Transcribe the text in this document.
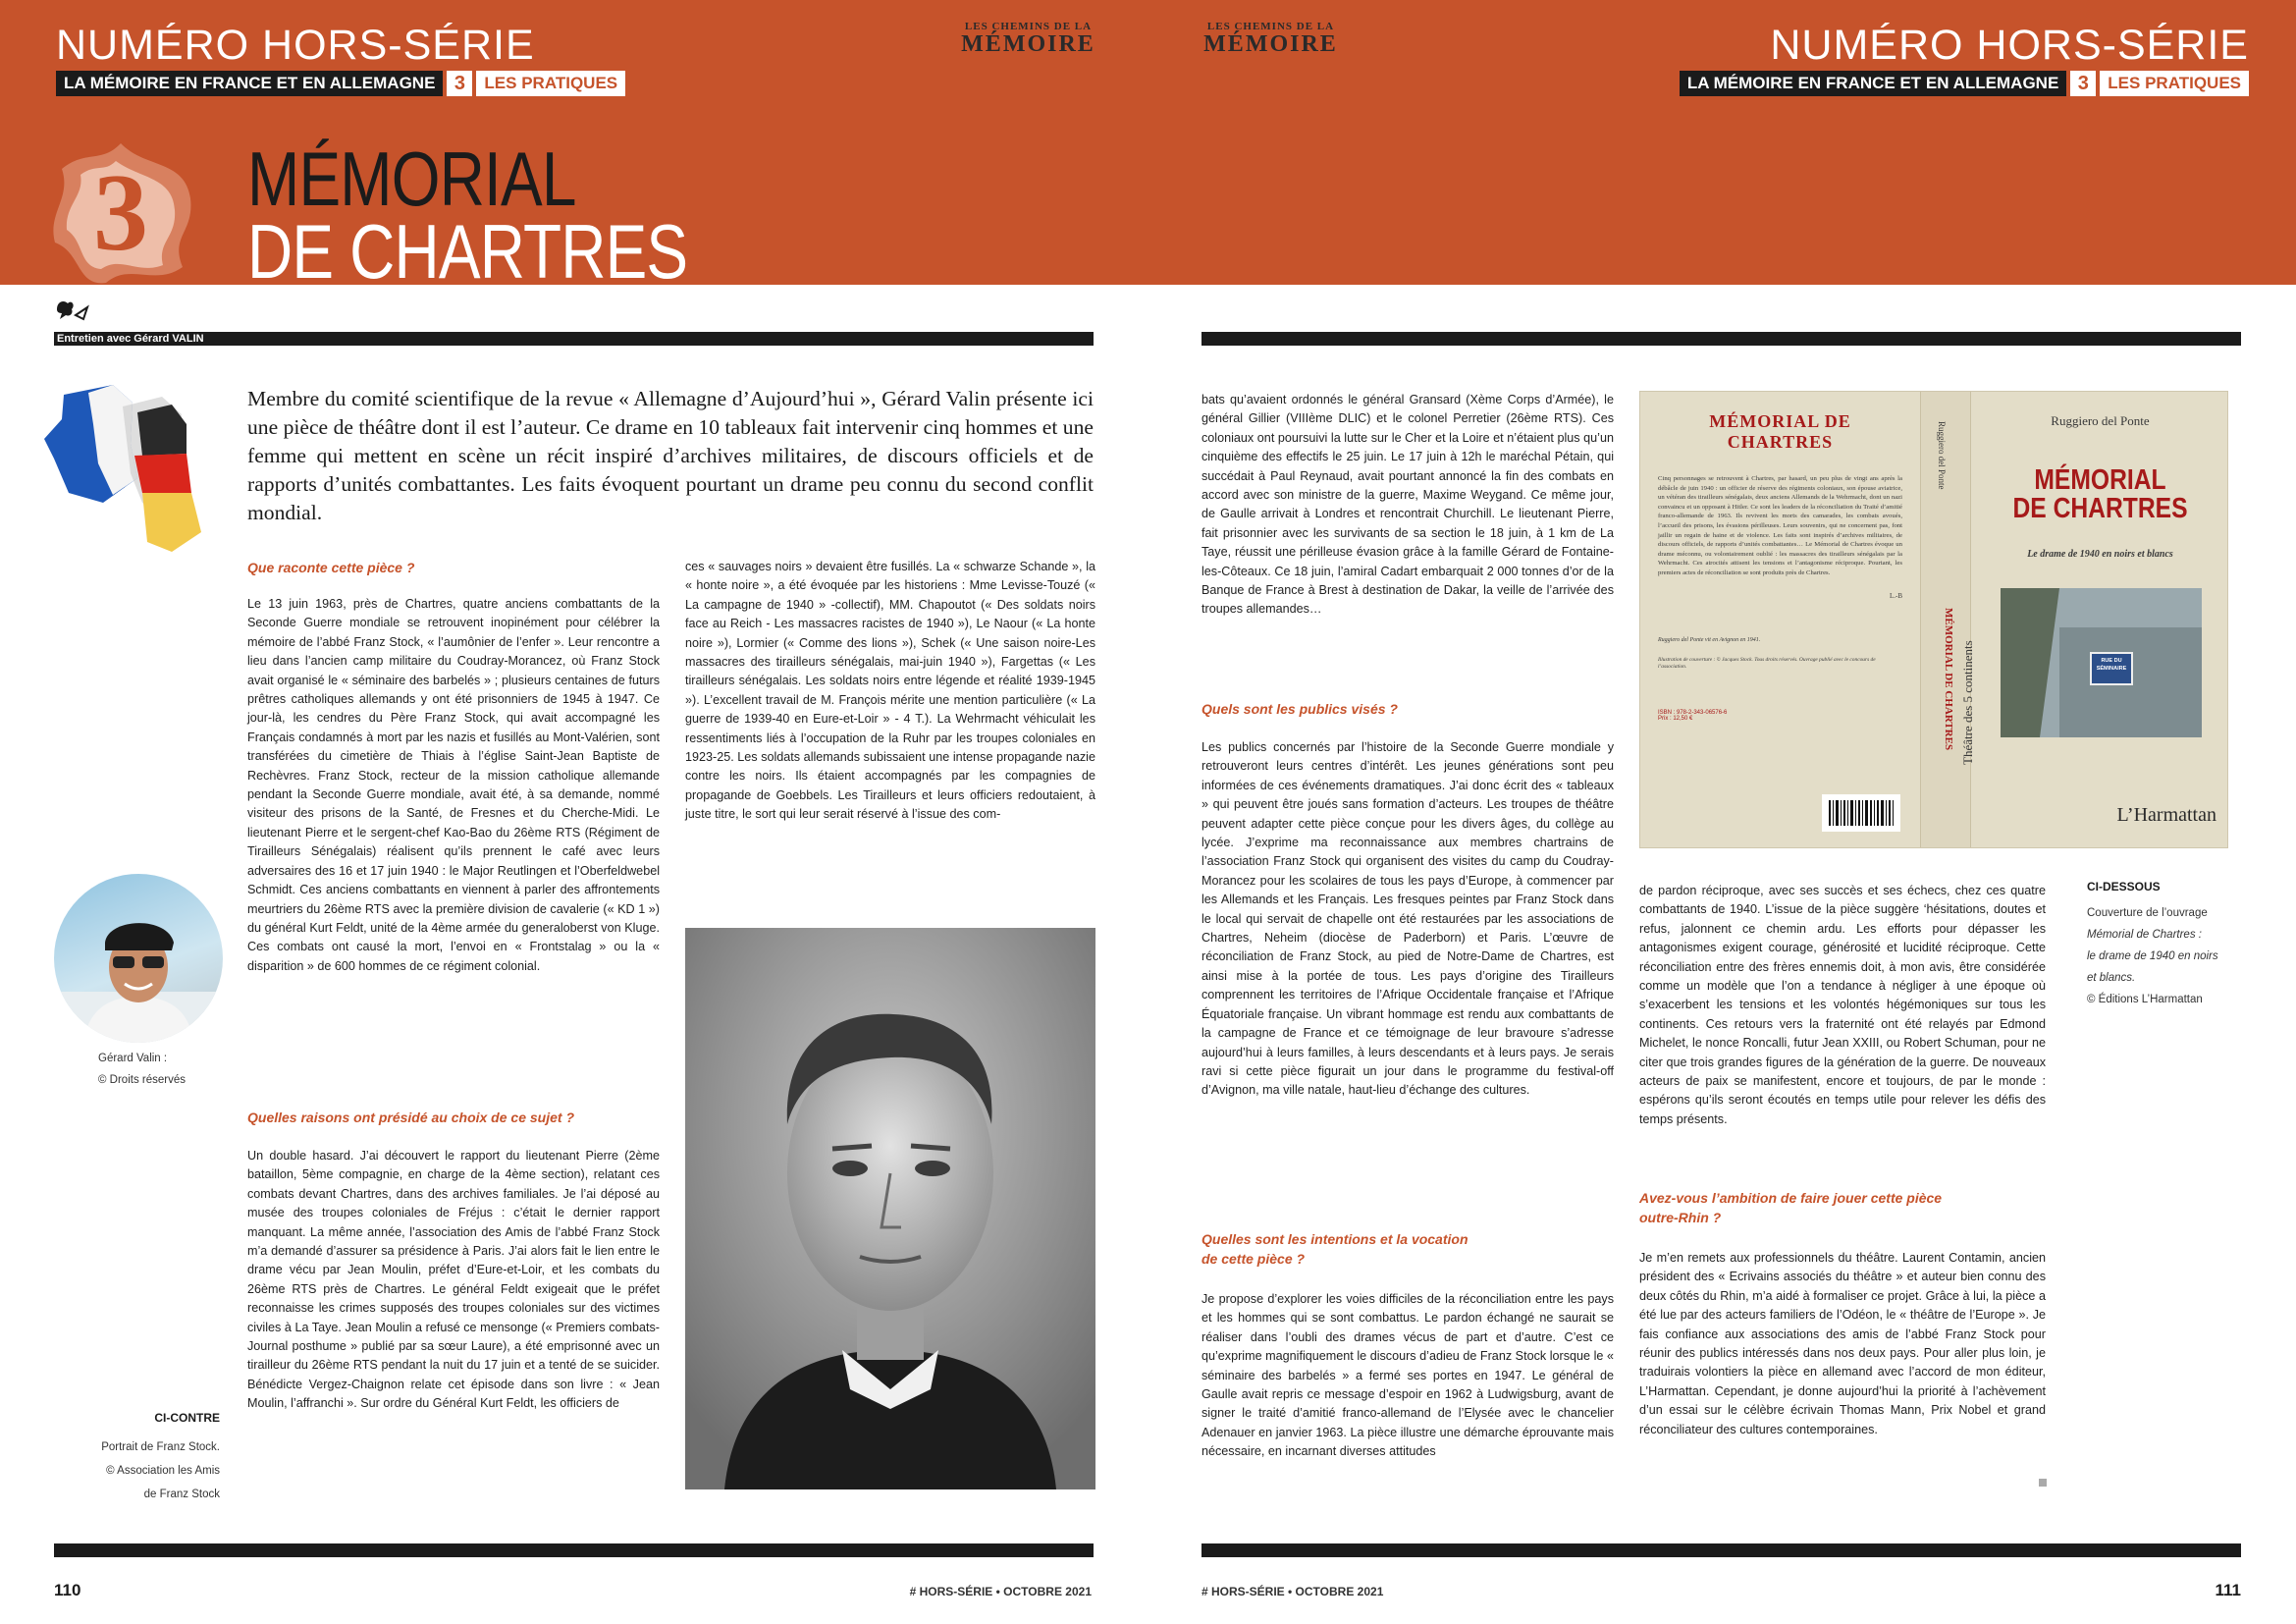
NUMÉRO HORS-SÉRIE
LA MÉMOIRE EN FRANCE ET EN ALLEMAGNE 3	LES PRATIQUES
NUMÉRO HORS-SÉRIE
LA MÉMOIRE EN FRANCE ET EN ALLEMAGNE 3	LES PRATIQUES
LES CHEMINS DE LA
MÉMOIRE
LES CHEMINS DE LA
MÉMOIRE
3	MÉMORIAL
DE CHARTRES
Entretien avec Gérard VALIN
Membre du comité scientifique de la revue « Allemagne d’Aujourd’hui », Gérard Valin présente ici une pièce de théâtre dont il est l’auteur. Ce drame en 10 tableaux fait intervenir cinq hommes et une femme qui mettent en scène un récit inspiré d’archives militaires, de discours officiels et de rapports d’unités combattantes. Les faits évoquent pourtant un drame peu connu du second conflit mondial.
Que raconte cette pièce ?
Le 13 juin 1963, près de Chartres, quatre anciens combattants de la Seconde Guerre mondiale se retrouvent inopinément pour célébrer la mémoire de l’abbé Franz Stock, « l’aumônier de l’enfer ». Leur rencontre a lieu dans l’ancien camp militaire du Coudray-Morancez, où Franz Stock avait organisé le « séminaire des barbelés » ; plusieurs centaines de futurs prêtres catholiques allemands y ont été prisonniers de 1945 à 1947. Ce jour-là, les cendres du Père Franz Stock, qui avait accompagné les Français condamnés à mort par les nazis et fusillés au Mont-Valérien, sont transférées du cimetière de Thiais à l’église Saint-Jean Baptiste de Rechèvres. Franz Stock, recteur de la mission catholique allemande pendant la Seconde Guerre mondiale, avait été, à sa demande, nommé visiteur des prisons de la Santé, de Fresnes et du Cherche-Midi. Le lieutenant Pierre et le sergent-chef Kao-Bao du 26ème RTS (Régiment de Tirailleurs Sénégalais) réalisent qu’ils prennent le café avec leurs adversaires des 16 et 17 juin 1940 : le Major Reutlingen et l’Oberfeldwebel Schmidt. Ces anciens combattants en viennent à parler des affrontements meurtriers du 26ème RTS avec la première division de cavalerie (« KD 1 ») du général Kurt Feldt, unité de la 4ème armée du generaloberst von Kluge. Ces combats ont causé la mort, l’envoi en « Frontstalag » ou la « disparition » de 600 hommes de ce régiment colonial.
Quelles raisons ont présidé au choix de ce sujet ?
Un double hasard. J’ai découvert le rapport du lieutenant Pierre (2ème bataillon, 5ème compagnie, en charge de la 4ème section), relatant ces combats devant Chartres, dans des archives familiales. Je l’ai déposé au musée des troupes coloniales de Fréjus : c’était le dernier rapport manquant. La même année, l’association des Amis de l’abbé Franz Stock m’a demandé d’assurer sa présidence à Paris. J’ai alors fait le lien entre le drame vécu par Jean Moulin, préfet d’Eure-et-Loir, et les combats du 26ème RTS près de Chartres. Le général Feldt exigeait que le préfet reconnaisse les crimes supposés des troupes coloniales sur des victimes civiles à La Taye. Jean Moulin a refusé ce mensonge (« Premiers combats-Journal posthume » publié par sa sœur Laure), a été emprisonné avec un tirailleur du 26ème RTS pendant la nuit du 17 juin et a tenté de se suicider. Bénédicte Vergez-Chaignon relate cet épisode dans son livre : « Jean Moulin, l’affranchi ». Sur ordre du Général Kurt Feldt, les officiers de
ces « sauvages noirs » devaient être fusillés. La « schwarze Schande », la « honte noire », a été évoquée par les historiens : Mme Levisse-Touzé (« La campagne de 1940 » -collectif), MM. Chapoutot (« Des soldats noirs face au Reich - Les massacres racistes de 1940 »), Le Naour (« La honte noire »), Lormier (« Comme des lions »), Schek (« Une saison noire-Les massacres des tirailleurs sénégalais, mai-juin 1940 »), Fargettas (« Les tirailleurs sénégalais. Les soldats noirs entre légende et réalité 1939-1945 »). L’excellent travail de M. François mérite une mention particulière (« La guerre de 1939-40 en Eure-et-Loir » - 4 T.). La Wehrmacht véhiculait les ressentiments liés à l’occupation de la Ruhr par les troupes coloniales en 1923-25. Les soldats allemands subissaient une intense propagande nazie contre les noirs. Ils étaient accompagnés par les compagnies de propagande de Goebbels. Les Tirailleurs et leurs officiers redoutaient, à juste titre, le sort qui leur serait réservé à l’issue des com-
Gérard Valin :
© Droits réservés
CI-CONTRE
Portrait de Franz Stock.
© Association les Amis
de Franz Stock
bats qu’avaient ordonnés le général Gransard (Xème Corps d’Armée), le général Gillier (VIIIème DLIC) et le colonel Perretier (26ème RTS). Ces coloniaux ont poursuivi la lutte sur le Cher et la Loire et n’étaient plus qu’un cinquième des effectifs le 25 juin. Le 17 juin à 12h le maréchal Pétain, qui succédait à Paul Reynaud, avait pourtant annoncé la fin des combats en accord avec son ministre de la guerre, Maxime Weygand. Ce même jour, de Gaulle arrivait à Londres et rencontrait Churchill. Le lieutenant Pierre, fait prisonnier avec les survivants de sa section le 18 juin, à 1 km de La Taye, réussit une périlleuse évasion grâce à la famille Gérard de Fontaine-les-Côteaux. Ce 18 juin, l’amiral Cadart embarquait 2 000 tonnes d’or de la Banque de France à Brest à destination de Dakar, la veille de l’arrivée des troupes allemandes…
Quels sont les publics visés ?
Les publics concernés par l’histoire de la Seconde Guerre mondiale y retrouveront leurs centres d’intérêt. Les jeunes générations sont peu informées de ces événements dramatiques. J’ai donc écrit des « tableaux » qui peuvent être joués sans formation d’acteurs. Les troupes de théâtre peuvent adapter cette pièce conçue pour les divers âges, du collège au lycée. J’exprime ma reconnaissance aux membres chartrains de l’association Franz Stock qui organisent des visites du camp du Coudray-Morancez pour les scolaires de tous les pays d’Europe, à commencer par les Allemands et les Français. Les fresques peintes par Franz Stock dans le local qui servait de chapelle ont été restaurées par les associations de Chartres, Neheim (diocèse de Paderborn) et Paris. L’œuvre de réconciliation de Franz Stock, au pied de Notre-Dame de Chartres, est ainsi mise à la portée de tous. Les pays d’origine des Tirailleurs comprennent les territoires de l’Afrique Occidentale française et l’Afrique Équatoriale française. Un vibrant hommage est rendu aux combattants de la campagne de France et ce témoignage de leur bravoure s’adresse aujourd’hui à leurs familles, à leurs descendants et à leurs pays. Je serais ravi si cette pièce figurait un jour dans le programme du festival-off d’Avignon, ma ville natale, haut-lieu d’échange des cultures.
Quelles sont les intentions et la vocation
de cette pièce ?
Je propose d’explorer les voies difficiles de la réconciliation entre les pays et les hommes qui se sont combattus. Le pardon échangé ne saurait se réaliser dans l’oubli des drames vécus de part et d’autre. C’est ce qu’exprime magnifiquement le discours d’adieu de Franz Stock lorsque le « séminaire des barbelés » a fermé ses portes en 1947. Le général de Gaulle avait repris ce message d’espoir en 1962 à Ludwigsburg, avant de signer le traité d’amitié franco-allemand de l’Elysée avec le chancelier Adenauer en janvier 1963. La pièce illustre une démarche éprouvante mais nécessaire, en incarnant diverses attitudes
de pardon réciproque, avec ses succès et ses échecs, chez ces quatre combattants de 1940. L’issue de la pièce suggère ‘hésitations, doutes et refus, jalonnent ce chemin ardu. Les efforts pour dépasser les antagonismes exigent courage, générosité et lucidité réciproque. Cette réconciliation entre des frères ennemis doit, à mon avis, être considérée comme un modèle que l’on a tendance à négliger à une époque où s’exacerbent les tensions et les volontés hégémoniques sur tous les continents. Ces retours vers la fraternité ont été relayés par Edmond Michelet, le nonce Roncalli, futur Jean XXIII, ou Robert Schuman, pour ne citer que trois grandes figures de la génération de la guerre. De nouveaux acteurs de paix se manifestent, encore et toujours, de par le monde : espérons qu’ils seront écoutés en temps utile pour relever les défis des temps présents.
Avez-vous l’ambition de faire jouer cette pièce
outre-Rhin ?
Je m’en remets aux professionnels du théâtre. Laurent Contamin, ancien président des « Ecrivains associés du théâtre » et auteur bien connu des deux côtés du Rhin, m’a aidé à formaliser ce projet. Grâce à lui, la pièce a été lue par des acteurs familiers de l’Odéon, le « théâtre de l’Europe ». Je fais confiance aux associations des amis de l’abbé Franz Stock pour réunir des publics intéressés dans nos deux pays. Pour aller plus loin, je traduirais volontiers la pièce en allemand avec l’accord de mon éditeur, L’Harmattan. Cependant, je donne aujourd’hui la priorité à l’achèvement d’un essai sur le célèbre écrivain Thomas Mann, Prix Nobel et grand réconciliateur des cultures contemporaines.
MÉMORIAL DE CHARTRES
Cinq personnages se retrouvent à Chartres, par hasard, un peu plus de vingt ans après la débâcle de juin 1940 : un officier de réserve des régiments coloniaux, son épouse aviatrice, un vétéran des tirailleurs sénégalais, deux anciens Allemands de la Wehrmacht, dont un nazi convaincu et un opposant à Hitler. Ce sont les leaders de la réconciliation du Traité d’amitié franco-allemande de 1963. Ils revivent les morts des camarades, les combats avoués, l’accueil des prisons, les évasions périlleuses. Leurs souvenirs, qui ne concernent pas, font jaillir un regain de haine et de violence. Les faits sont inspirés d’archives militaires, de discours officiels, de rapports d’unités combattantes… Le Mémorial de Chartres évoque un drame méconnu, ou volontairement oublié : les massacres des tirailleurs sénégalais par la Wehrmacht. Ces atrocités attisent les tensions et l’antagonisme réciproque. Pourtant, les premiers actes de réconciliation se sont produits près de Chartres.
L.-B
Ruggiero del Ponte vit en Avignon en 1941.
Illustration de couverture : © Jacques Stock. Tous droits réservés. Ouvrage publié avec le concours de l’association.
ISBN : 978-2-343-06576-6
Prix : 12,50 €
Ruggiero del Ponte
MÉMORIAL DE CHARTRES Théâtre des 5 continents
Ruggiero del Ponte
MÉMORIAL
DE CHARTRES
Le drame de 1940 en noirs et blancs
RUE DU SÉMINAIRE
L’Harmattan
CI-DESSOUS
Couverture de l’ouvrage
Mémorial de Chartres :
le drame de 1940 en noirs
et blancs.
© Éditions L’Harmattan
110	# HORS-SÉRIE • OCTOBRE 2021	# HORS-SÉRIE • OCTOBRE 2021	111
